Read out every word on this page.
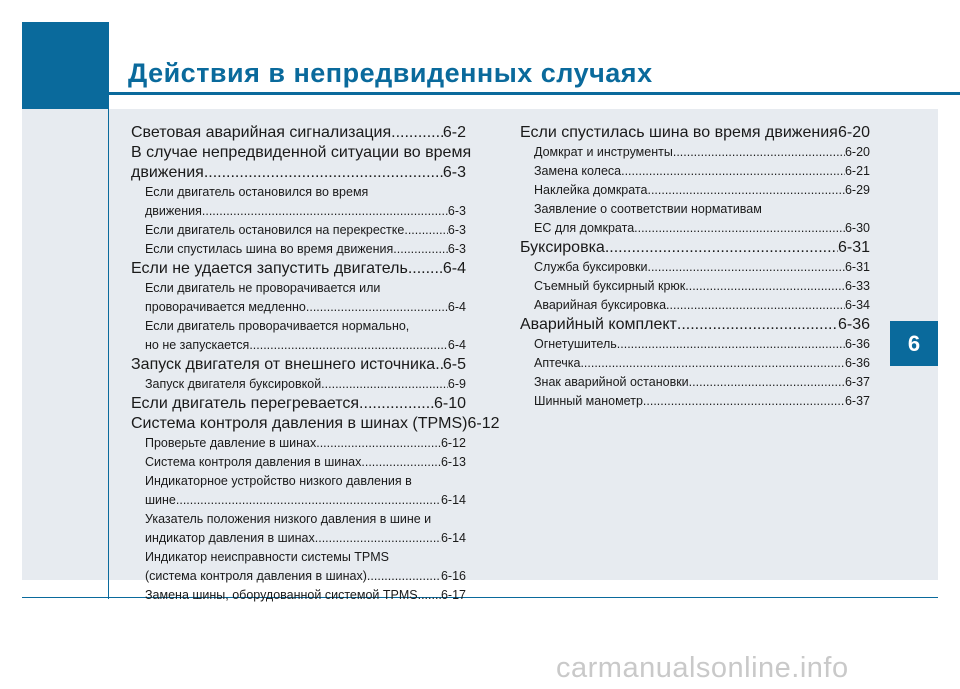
Действия в непредвиденных случаях
6
Световая аварийная сигнализация .....	6-2
В случае непредвиденной ситуации во время
движения .....	6-3
Если двигатель остановился во время
движения .....	6-3
Если двигатель остановился на перекрестке .....	6-3
Если спустилась шина во время движения .....	6-3
Если не удается запустить двигатель ..... 6-4
Если двигатель не проворачивается или
проворачивается медленно .....	6-4
Если двигатель проворачивается нормально,
но не запускается .....	6-4
Запуск двигателя от внешнего источника ..... 6-5
Запуск двигателя буксировкой .....	6-9
Если двигатель перегревается .....	6-10
Система контроля давления в шинах (TPMS) 6-12
Проверьте давление в шинах .....	6-12
Система контроля давления в шинах .....	6-13
Индикаторное устройство низкого давления в
шине .....	6-14
Указатель положения низкого давления в шине и
индикатор давления в шинах .....	6-14
Индикатор неисправности системы TPMS
(система контроля давления в шинах) .....	6-16
Замена шины, оборудованной системой TPMS ..... 6-17
Если спустилась шина во время движения ..... 6-20
Домкрат и инструменты .....	6-20
Замена колеса .....	6-21
Наклейка домкрата .....	6-29
Заявление о соответствии нормативам
ЕС для домкрата .....	6-30
Буксировка .....	6-31
Служба буксировки .....	6-31
Съемный буксирный крюк .....	6-33
Аварийная буксировка .....	6-34
Аварийный комплект .....	6-36
Огнетушитель .....	6-36
Аптечка .....	6-36
Знак аварийной остановки .....	6-37
Шинный манометр .....	6-37
carmanualsonline.info
